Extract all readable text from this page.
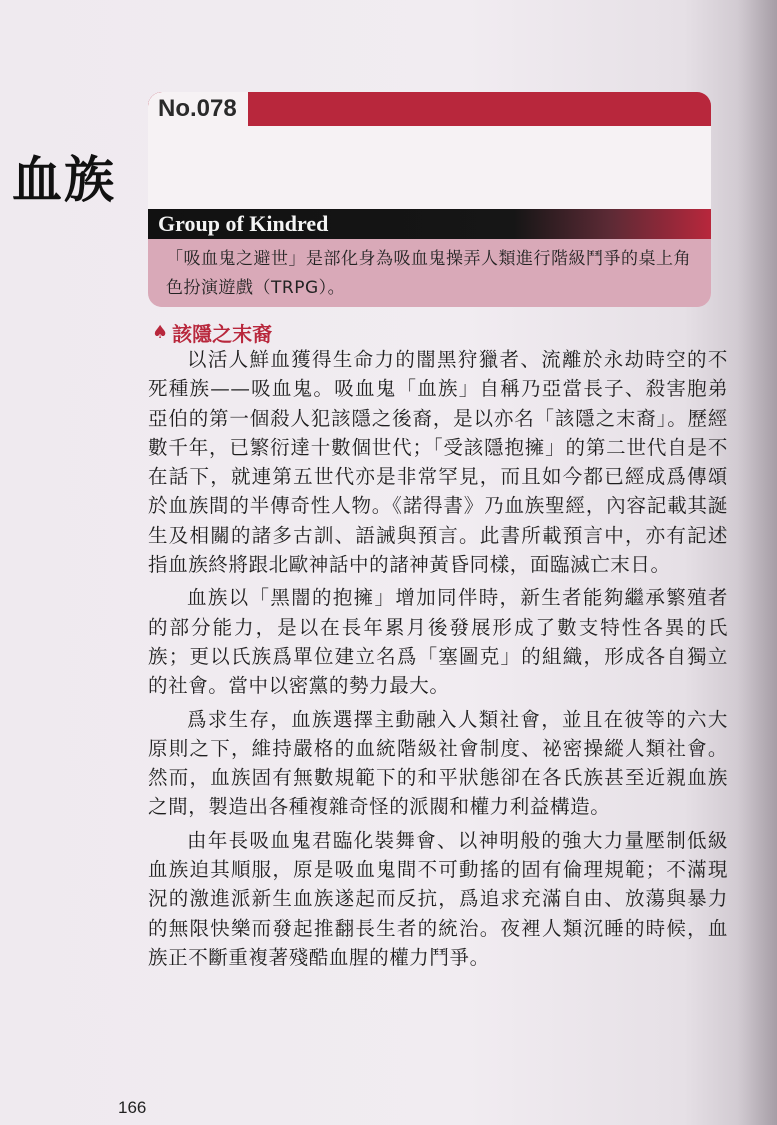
No.078
血族
Group of Kindred
「吸血鬼之避世」是部化身為吸血鬼操弄人類進行階級鬥爭的桌上角色扮演遊戲（TRPG）。
♠ 該隱之末裔

以活人鮮血獲得生命力的闇黑狩獵者、流離於永劫時空的不死種族——吸血鬼。吸血鬼「血族」自稱乃亞當長子、殺害胞弟亞伯的第一個殺人犯該隱之後裔，是以亦名「該隱之末裔」。歷經數千年，已繁衍達十數個世代；「受該隱抱擁」的第二世代自是不在話下，就連第五世代亦是非常罕見，而且如今都已經成爲傳頌於血族間的半傳奇性人物。《諾得書》乃血族聖經，內容記載其誕生及相關的諸多古訓、語誡與預言。此書所載預言中，亦有記述指血族終將跟北歐神話中的諸神黃昏同樣，面臨滅亡末日。

血族以「黑闇的抱擁」增加同伴時，新生者能夠繼承繁殖者的部分能力，是以在長年累月後發展形成了數支特性各異的氏族；更以氏族爲單位建立名爲「塞圖克」的組織，形成各自獨立的社會。當中以密黨的勢力最大。

爲求生存，血族選擇主動融入人類社會，並且在彼等的六大原則之下，維持嚴格的血統階級社會制度、祕密操縱人類社會。然而，血族固有無數規範下的和平狀態卻在各氏族甚至近親血族之間，製造出各種複雜奇怪的派閥和權力利益構造。

由年長吸血鬼君臨化裝舞會、以神明般的強大力量壓制低級血族迫其順服，原是吸血鬼間不可動搖的固有倫理規範；不滿現況的激進派新生血族遂起而反抗，爲追求充滿自由、放蕩與暴力的無限快樂而發起推翻長生者的統治。夜裡人類沉睡的時候，血族正不斷重複著殘酷血腥的權力鬥爭。

166
